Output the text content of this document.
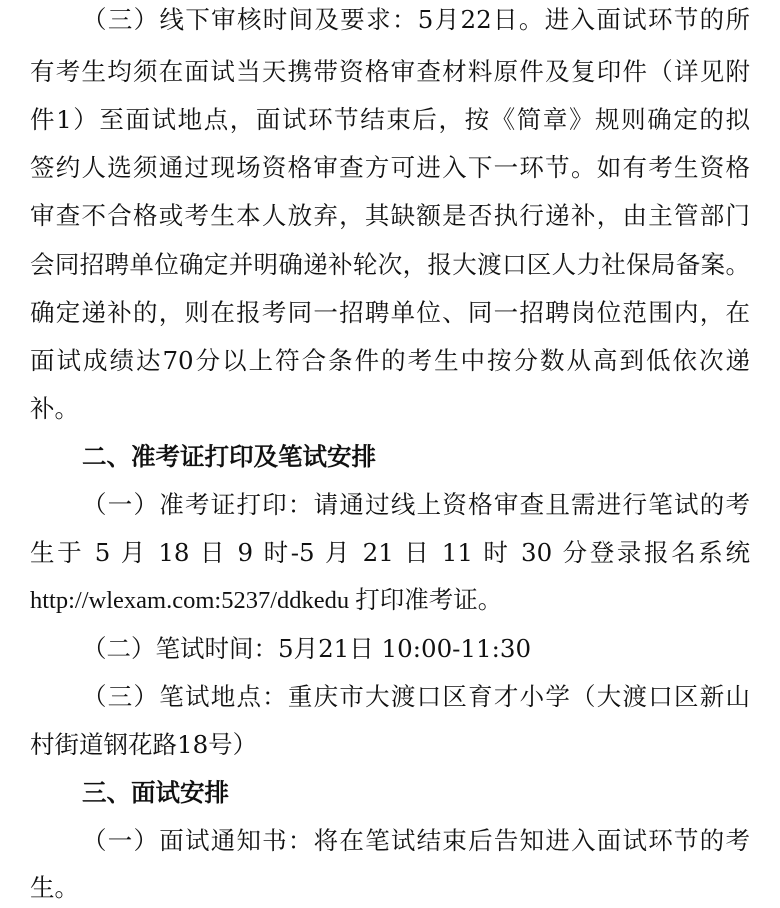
（三）线下审核时间及要求：5月22日。进入面试环节的所
有考生均须在面试当天携带资格审查材料原件及复印件（详见附
件1）至面试地点，面试环节结束后，按《简章》规则确定的拟
签约人选须通过现场资格审查方可进入下一环节。如有考生资格
审查不合格或考生本人放弃，其缺额是否执行递补，由主管部门
会同招聘单位确定并明确递补轮次，报大渡口区人力社保局备案。
确定递补的，则在报考同一招聘单位、同一招聘岗位范围内，在
面试成绩达70分以上符合条件的考生中按分数从高到低依次递
补。
二、准考证打印及笔试安排
（一）准考证打印：请通过线上资格审查且需进行笔试的考
生于 5 月 18 日 9 时-5 月 21 日 11 时 30 分登录报名系统
http://wlexam.com:5237/ddkedu 打印准考证。
（二）笔试时间：5月21日 10:00-11:30
（三）笔试地点：重庆市大渡口区育才小学（大渡口区新山
村街道钢花路18号）
三、面试安排
（一）面试通知书：将在笔试结束后告知进入面试环节的考
生。
